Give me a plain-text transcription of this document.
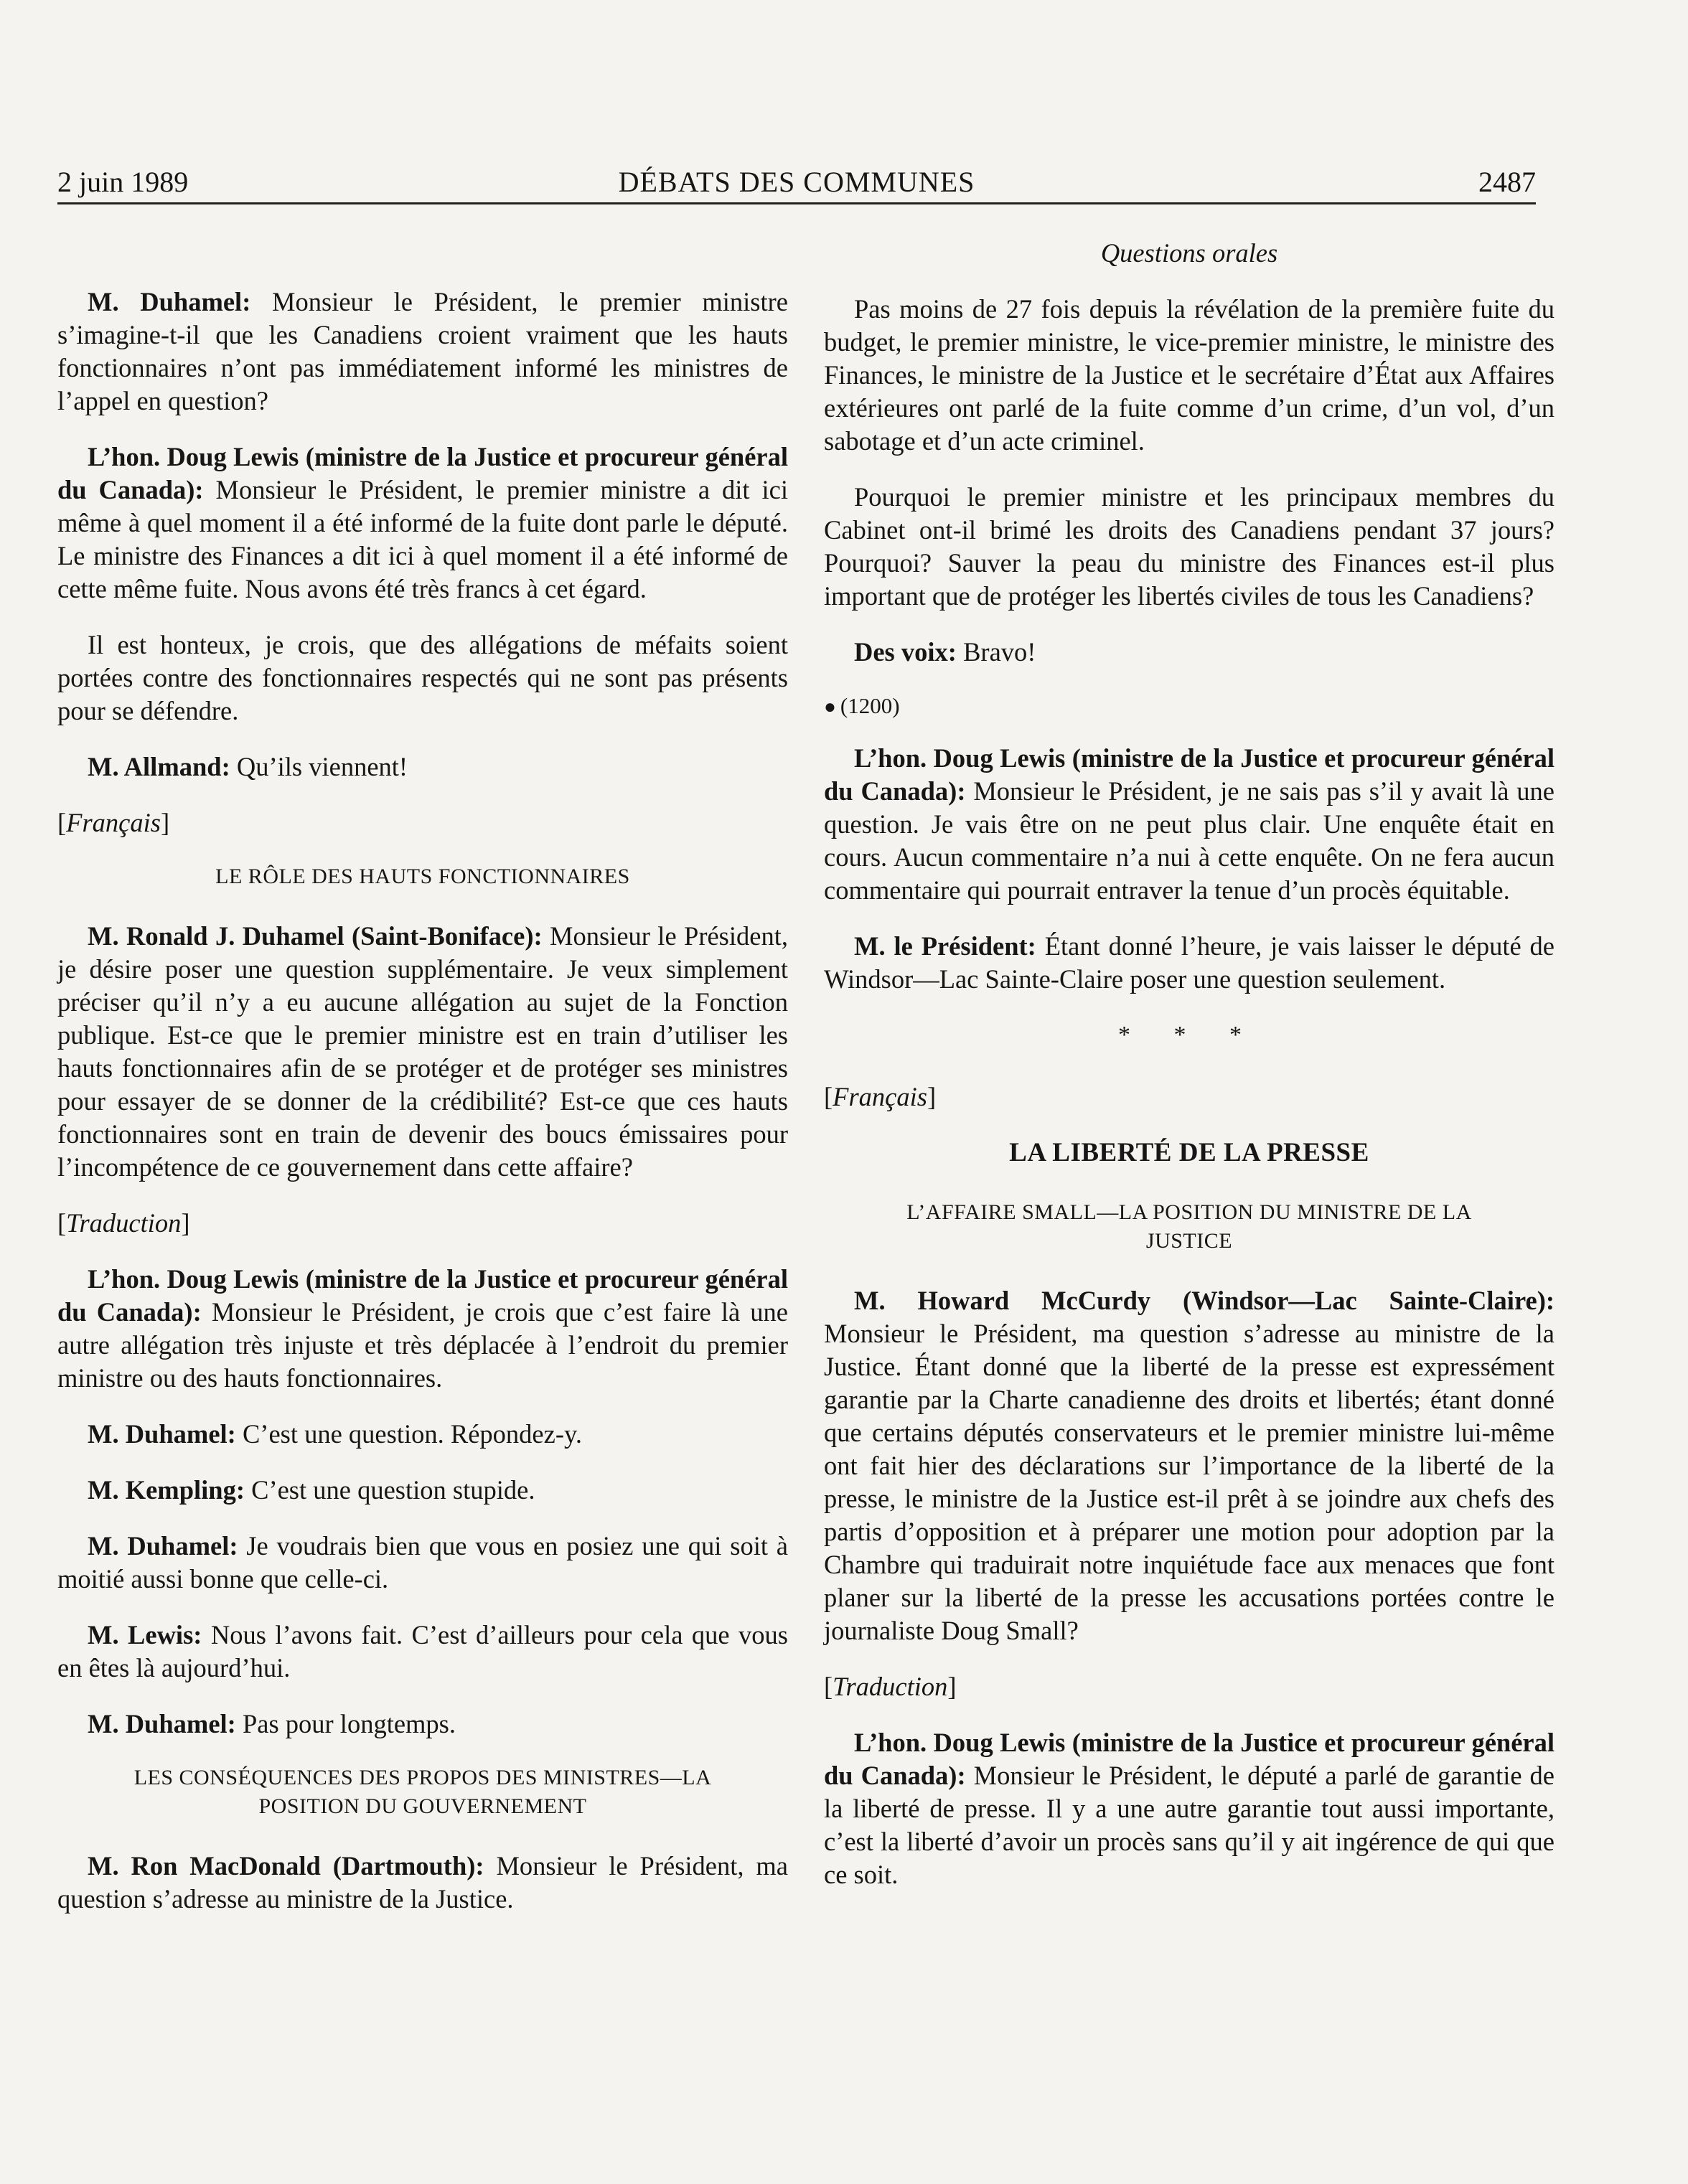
2 juin 1989	DÉBATS DES COMMUNES	2487

M. Duhamel: Monsieur le Président, le premier ministre s’imagine-t-il que les Canadiens croient vraiment que les hauts fonctionnaires n’ont pas immédiatement informé les ministres de l’appel en question?

L’hon. Doug Lewis (ministre de la Justice et procureur général du Canada): Monsieur le Président, le premier ministre a dit ici même à quel moment il a été informé de la fuite dont parle le député. Le ministre des Finances a dit ici à quel moment il a été informé de cette même fuite. Nous avons été très francs à cet égard.

Il est honteux, je crois, que des allégations de méfaits soient portées contre des fonctionnaires respectés qui ne sont pas présents pour se défendre.

M. Allmand: Qu’ils viennent!

[Français]
LE RÔLE DES HAUTS FONCTIONNAIRES

M. Ronald J. Duhamel (Saint-Boniface): Monsieur le Président, je désire poser une question supplémentaire. Je veux simplement préciser qu’il n’y a eu aucune allégation au sujet de la Fonction publique. Est-ce que le premier ministre est en train d’utiliser les hauts fonctionnaires afin de se protéger et de protéger ses ministres pour essayer de se donner de la crédibilité? Est-ce que ces hauts fonctionnaires sont en train de devenir des boucs émissaires pour l’incompétence de ce gouvernement dans cette affaire?

[Traduction]

L’hon. Doug Lewis (ministre de la Justice et procureur général du Canada): Monsieur le Président, je crois que c’est faire là une autre allégation très injuste et très déplacée à l’endroit du premier ministre ou des hauts fonctionnaires.

M. Duhamel: C’est une question. Répondez-y.

M. Kempling: C’est une question stupide.

M. Duhamel: Je voudrais bien que vous en posiez une qui soit à moitié aussi bonne que celle-ci.

M. Lewis: Nous l’avons fait. C’est d’ailleurs pour cela que vous en êtes là aujourd’hui.

M. Duhamel: Pas pour longtemps.

LES CONSÉQUENCES DES PROPOS DES MINISTRES—LA POSITION DU GOUVERNEMENT

M. Ron MacDonald (Dartmouth): Monsieur le Président, ma question s’adresse au ministre de la Justice.

Questions orales

Pas moins de 27 fois depuis la révélation de la première fuite du budget, le premier ministre, le vice-premier ministre, le ministre des Finances, le ministre de la Justice et le secrétaire d’État aux Affaires extérieures ont parlé de la fuite comme d’un crime, d’un vol, d’un sabotage et d’un acte criminel.

Pourquoi le premier ministre et les principaux membres du Cabinet ont-il brimé les droits des Canadiens pendant 37 jours? Pourquoi? Sauver la peau du ministre des Finances est-il plus important que de protéger les libertés civiles de tous les Canadiens?

Des voix: Bravo!

● (1200)

L’hon. Doug Lewis (ministre de la Justice et procureur général du Canada): Monsieur le Président, je ne sais pas s’il y avait là une question. Je vais être on ne peut plus clair. Une enquête était en cours. Aucun commentaire n’a nui à cette enquête. On ne fera aucun commentaire qui pourrait entraver la tenue d’un procès équitable.

M. le Président: Étant donné l’heure, je vais laisser le député de Windsor—Lac Sainte-Claire poser une question seulement.

* * *
[Français]
LA LIBERTÉ DE LA PRESSE
L’AFFAIRE SMALL—LA POSITION DU MINISTRE DE LA JUSTICE

M. Howard McCurdy (Windsor—Lac Sainte-Claire): Monsieur le Président, ma question s’adresse au ministre de la Justice. Étant donné que la liberté de la presse est expressément garantie par la Charte canadienne des droits et libertés; étant donné que certains députés conservateurs et le premier ministre lui-même ont fait hier des déclarations sur l’importance de la liberté de la presse, le ministre de la Justice est-il prêt à se joindre aux chefs des partis d’opposition et à préparer une motion pour adoption par la Chambre qui traduirait notre inquiétude face aux menaces que font planer sur la liberté de la presse les accusations portées contre le journaliste Doug Small?

[Traduction]

L’hon. Doug Lewis (ministre de la Justice et procureur général du Canada): Monsieur le Président, le député a parlé de garantie de la liberté de presse. Il y a une autre garantie tout aussi importante, c’est la liberté d’avoir un procès sans qu’il y ait ingérence de qui que ce soit.
